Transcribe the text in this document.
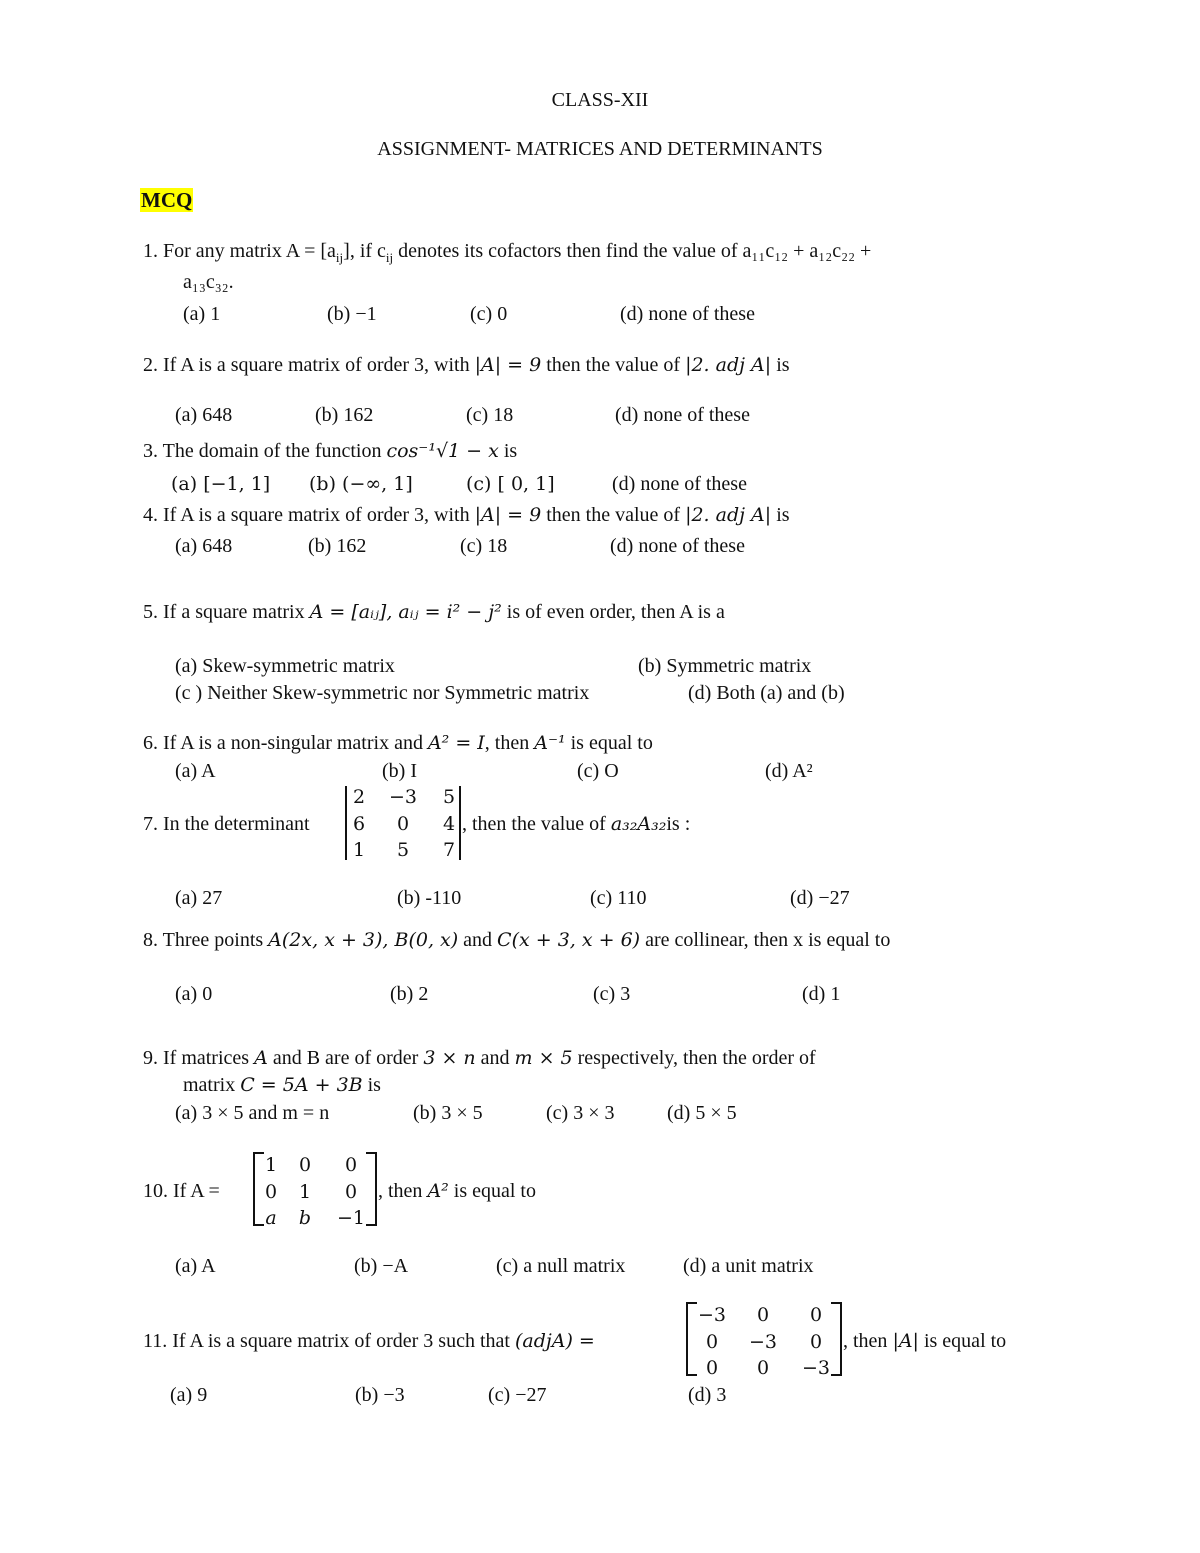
CLASS-XII
ASSIGNMENT- MATRICES AND DETERMINANTS
MCQ
1. For any matrix $A = [a_{ij}]$, if $c_{ij}$ denotes its cofactors then find the value of a₁₁c₁₂ + a₁₂c₂₂ +
a₁₃c₃₂.
(a) 1	(b) −1	(c) 0	(d) none of these
2. If A is a square matrix of order 3, with |A| = 9 then the value of |2. adj A| is
(a) 648	(b) 162	(c) 18	(d) none of these
3. The domain of the function cos⁻¹√1 − x is
(a) [−1, 1] (b) (−∞, 1]	(c) [ 0, 1]	(d) none of these
4. If A is a square matrix of order 3, with |A| = 9 then the value of |2. adj A| is
(a) 648	(b) 162	(c) 18	(d) none of these
5. If a square matrix A = [aᵢⱼ], aᵢⱼ = i² − j² is of even order, then A is a
(a) Skew-symmetric matrix	(b) Symmetric matrix
(c ) Neither Skew-symmetric nor Symmetric matrix	(d) Both (a) and (b)
6. If A is a non-singular matrix and A² = I, then A⁻¹ is equal to
(a) A	(b) I	(c) O	(d) A²
7. In the determinant
2	−3	5
6	0	4
1	5	7
, then the value of a₃₂A₃₂is :
(a) 27	(b) -110	(c) 110	(d) −27
8. Three points A(2x, x + 3), B(0, x) and C(x + 3, x + 6) are collinear, then x is equal to
(a) 0	(b) 2	(c) 3	(d) 1
9. If matrices A and B are of order 3 × n and m × 5 respectively, then the order of
matrix C = 5A + 3B is
(a) 3 × 5 and m = n	(b) 3 × 5	(c) 3 × 3	(d) 5 × 5
10. If A =
1	0	0
0	1	0
a	b	−1
, then A² is equal to
(a) A	(b) −A	(c) a null matrix	(d) a unit matrix
11. If A is a square matrix of order 3 such that (adjA) =
−3	0	0
0	−3	0
0	0	−3
, then |A| is equal to
(a) 9	(b) −3	(c) −27	(d) 3
